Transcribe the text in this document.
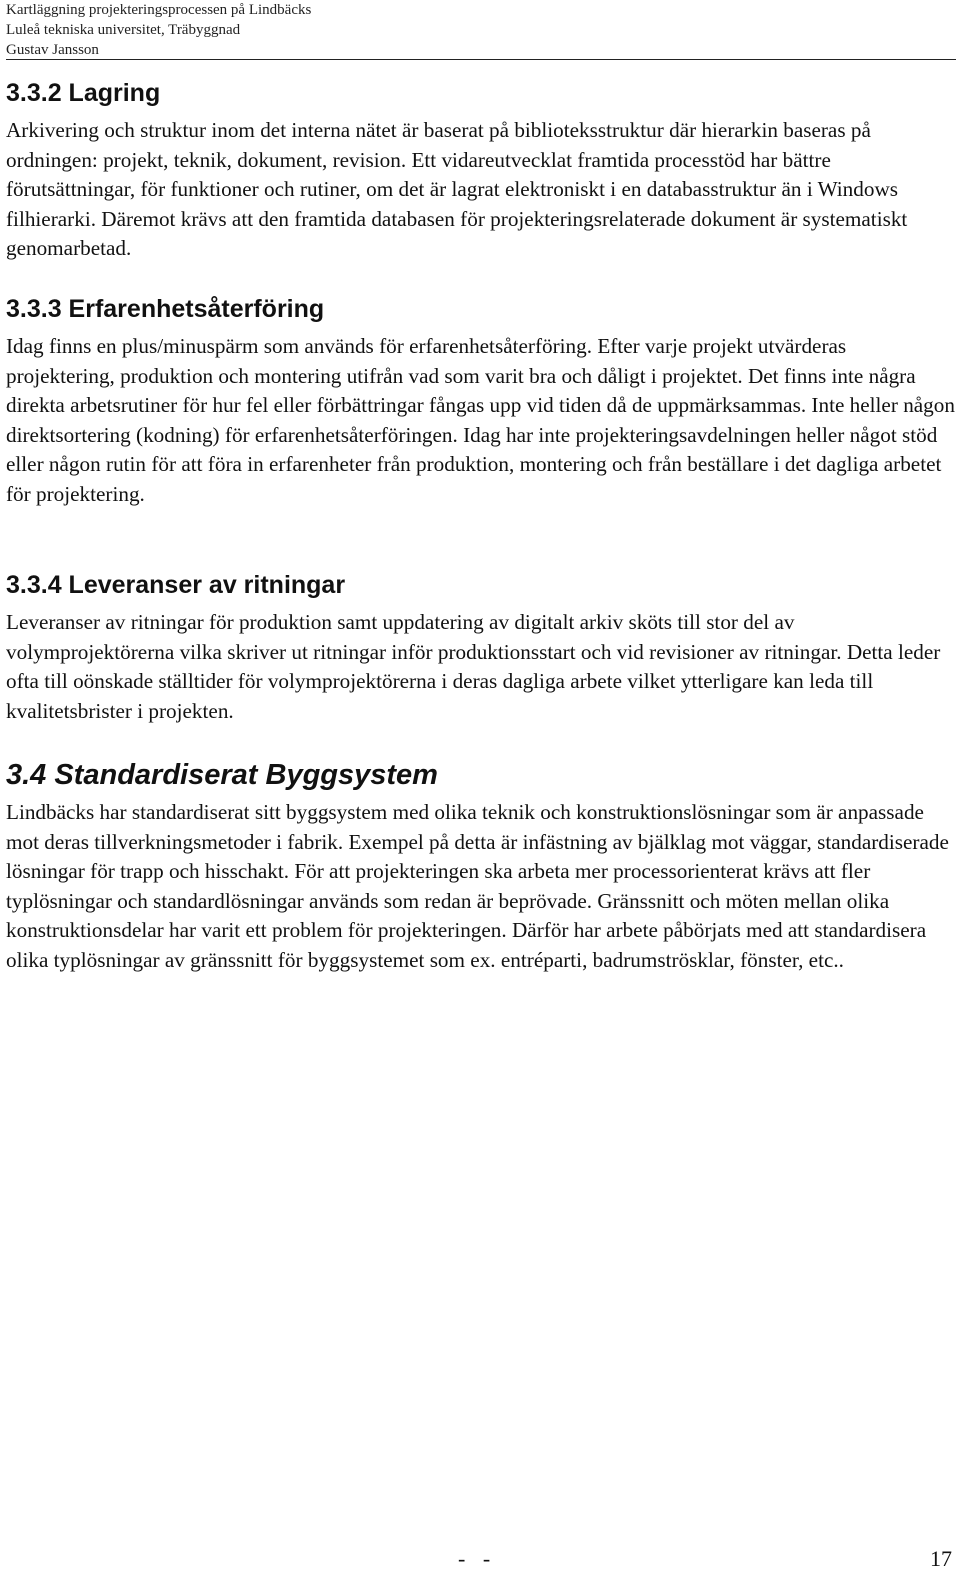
Kartläggning projekteringsprocessen på Lindbäcks
Luleå tekniska universitet, Träbyggnad
Gustav Jansson
3.3.2 Lagring

Arkivering och struktur inom det interna nätet är baserat på biblioteksstruktur där hierarkin baseras på ordningen: projekt, teknik, dokument, revision. Ett vidareutvecklat framtida processtöd har bättre förutsättningar, för funktioner och rutiner, om det är lagrat elektroniskt i en databasstruktur än i Windows filhierarki. Däremot krävs att den framtida databasen för projekteringsrelaterade dokument är systematiskt genomarbetad.

3.3.3 Erfarenhetsåterföring

Idag finns en plus/minuspärm som används för erfarenhetsåterföring. Efter varje projekt utvärderas projektering, produktion och montering utifrån vad som varit bra och dåligt i projektet. Det finns inte några direkta arbetsrutiner för hur fel eller förbättringar fångas upp vid tiden då de uppmärksammas. Inte heller någon direktsortering (kodning) för erfarenhetsåterföringen. Idag har inte projekteringsavdelningen heller något stöd eller någon rutin för att föra in erfarenheter från produktion, montering och från beställare i det dagliga arbetet för projektering.

3.3.4 Leveranser av ritningar

Leveranser av ritningar för produktion samt uppdatering av digitalt arkiv sköts till stor del av volymprojektörerna vilka skriver ut ritningar inför produktionsstart och vid revisioner av ritningar. Detta leder ofta till oönskade ställtider för volymprojektörerna i deras dagliga arbete vilket ytterligare kan leda till kvalitetsbrister i projekten.

3.4 Standardiserat Byggsystem

Lindbäcks har standardiserat sitt byggsystem med olika teknik och konstruktionslösningar som är anpassade mot deras tillverkningsmetoder i fabrik. Exempel på detta är infästning av bjälklag mot väggar, standardiserade lösningar för trapp och hisschakt. För att projekteringen ska arbeta mer processorienterat krävs att fler typlösningar och standardlösningar används som redan är beprövade. Gränssnitt och möten mellan olika konstruktionsdelar har varit ett problem för projekteringen. Därför har arbete påbörjats med att standardisera olika typlösningar av gränssnitt för byggsystemet som ex. entréparti, badrumströsklar, fönster, etc..

- -	17
